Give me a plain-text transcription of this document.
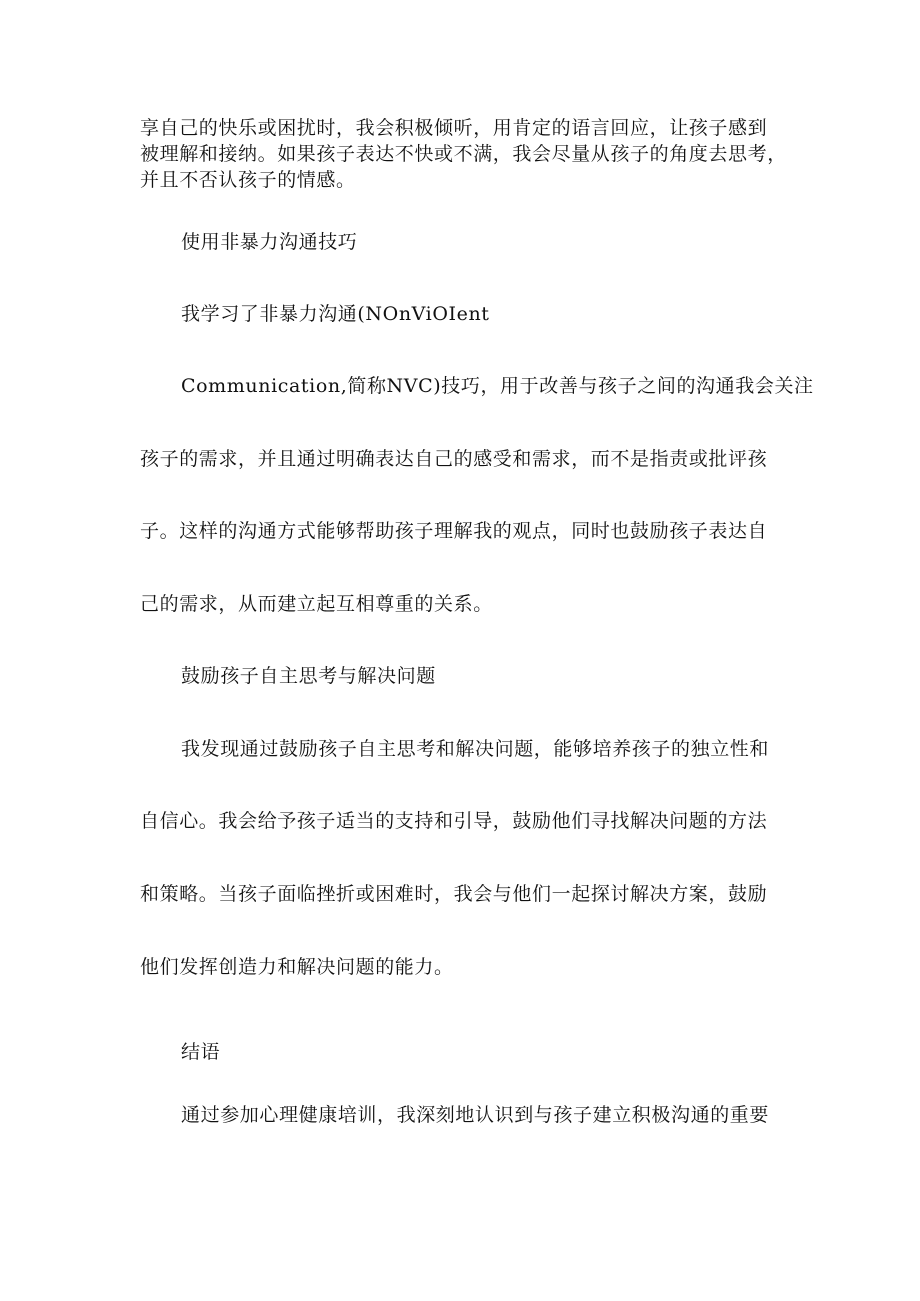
享自己的快乐或困扰时，我会积极倾听，用肯定的语言回应，让孩子感到
被理解和接纳。如果孩子表达不快或不满，我会尽量从孩子的角度去思考，
并且不否认孩子的情感。
使用非暴力沟通技巧
我学习了非暴力沟通(NOnViOIent
Communication,简称NVC)技巧，用于改善与孩子之间的沟通我会关注
孩子的需求，并且通过明确表达自己的感受和需求，而不是指责或批评孩
子。这样的沟通方式能够帮助孩子理解我的观点，同时也鼓励孩子表达自
己的需求，从而建立起互相尊重的关系。
鼓励孩子自主思考与解决问题
我发现通过鼓励孩子自主思考和解决问题，能够培养孩子的独立性和
自信心。我会给予孩子适当的支持和引导，鼓励他们寻找解决问题的方法
和策略。当孩子面临挫折或困难时，我会与他们一起探讨解决方案，鼓励
他们发挥创造力和解决问题的能力。
结语
通过参加心理健康培训，我深刻地认识到与孩子建立积极沟通的重要
